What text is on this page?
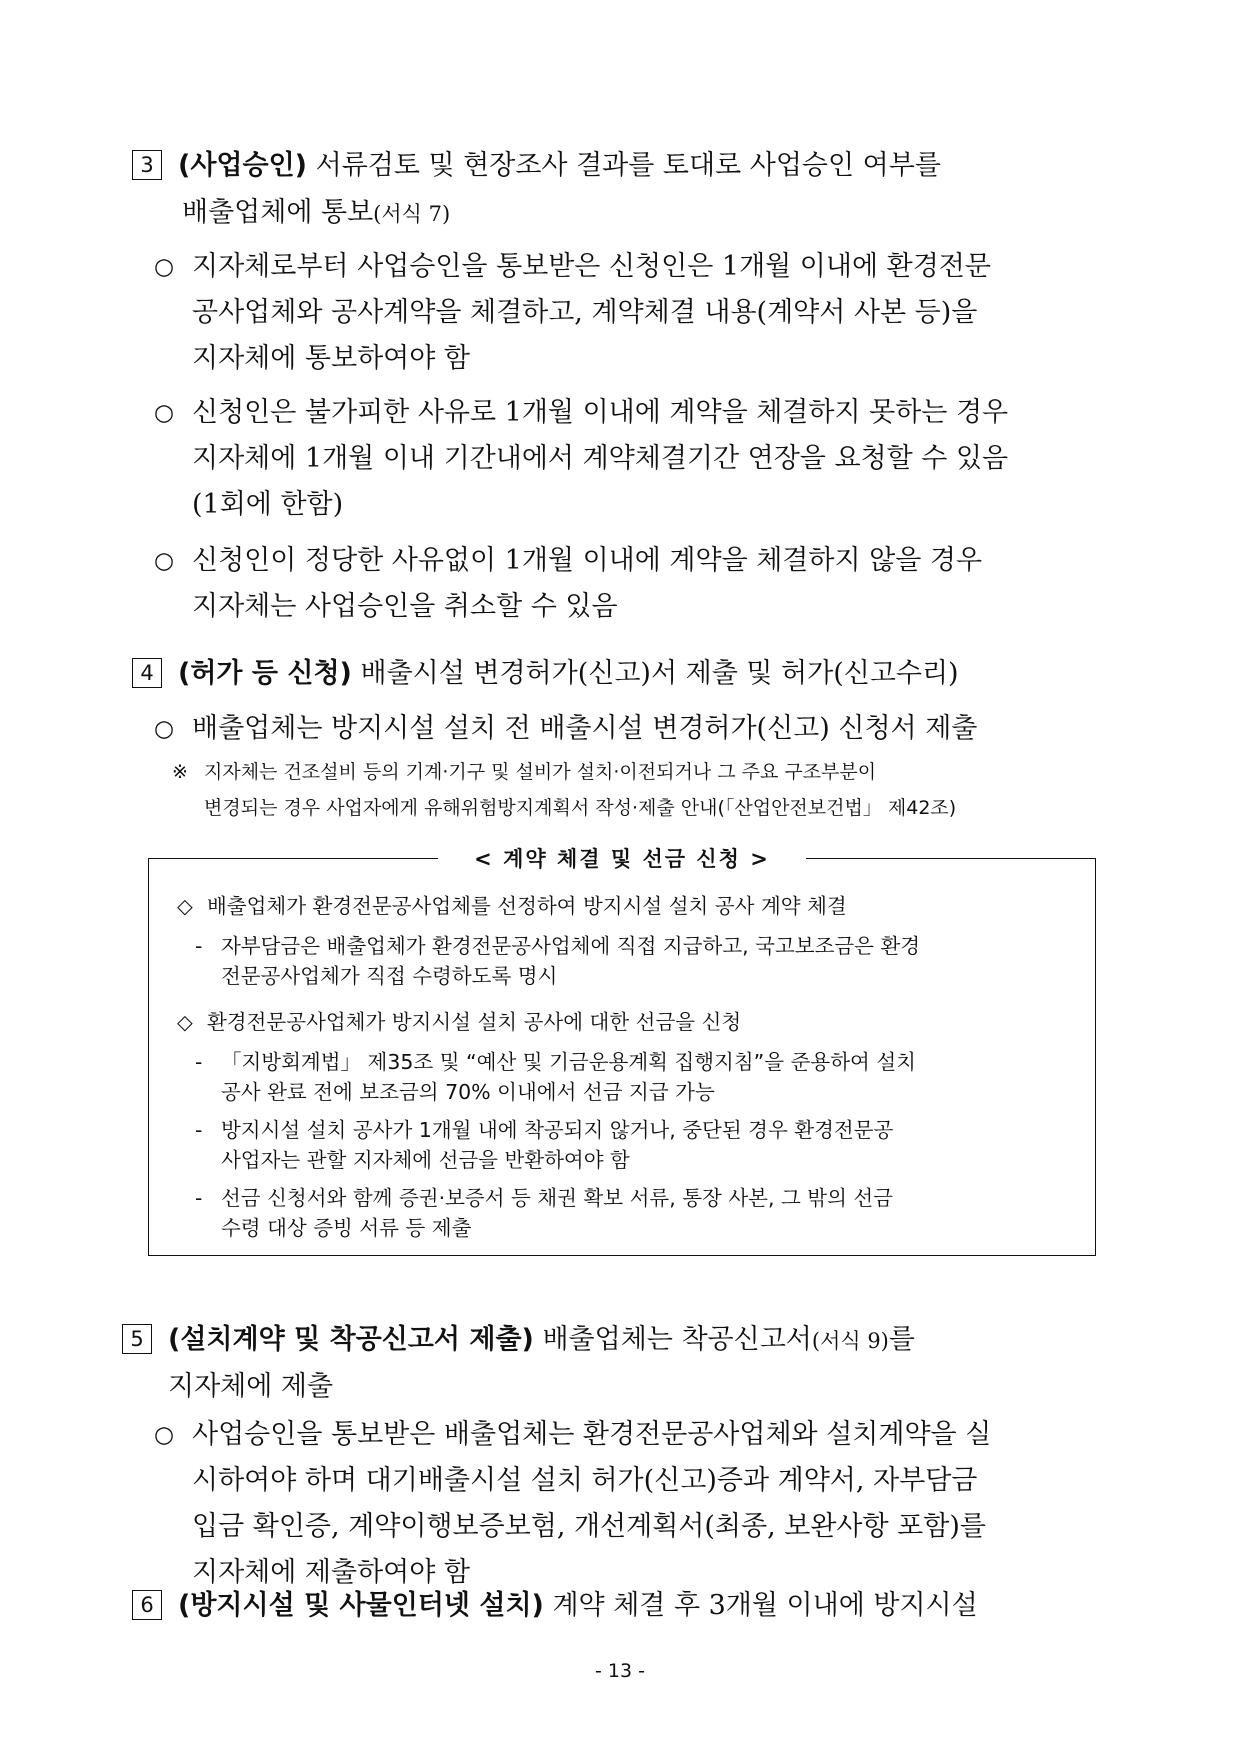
3 (사업승인) 서류검토 및 현장조사 결과를 토대로 사업승인 여부를
배출업체에 통보(서식 7)
○ 지자체로부터 사업승인을 통보받은 신청인은 1개월 이내에 환경전문
공사업체와 공사계약을 체결하고, 계약체결 내용(계약서 사본 등)을
지자체에 통보하여야 함
○ 신청인은 불가피한 사유로 1개월 이내에 계약을 체결하지 못하는 경우
지자체에 1개월 이내 기간내에서 계약체결기간 연장을 요청할 수 있음
(1회에 한함)
○ 신청인이 정당한 사유없이 1개월 이내에 계약을 체결하지 않을 경우
지자체는 사업승인을 취소할 수 있음
4 (허가 등 신청) 배출시설 변경허가(신고)서 제출 및 허가(신고수리)
○ 배출업체는 방지시설 설치 전 배출시설 변경허가(신고) 신청서 제출
※ 지자체는 건조설비 등의 기계·기구 및 설비가 설치·이전되거나 그 주요 구조부분이
변경되는 경우 사업자에게 유해위험방지계획서 작성·제출 안내(「산업안전보건법」 제42조)
< 계약 체결 및 선금 신청 >
◇ 배출업체가 환경전문공사업체를 선정하여 방지시설 설치 공사 계약 체결
- 자부담금은 배출업체가 환경전문공사업체에 직접 지급하고, 국고보조금은 환경
전문공사업체가 직접 수령하도록 명시
◇ 환경전문공사업체가 방지시설 설치 공사에 대한 선금을 신청
- 「지방회계법」 제35조 및 “예산 및 기금운용계획 집행지침”을 준용하여 설치
공사 완료 전에 보조금의 70% 이내에서 선금 지급 가능
- 방지시설 설치 공사가 1개월 내에 착공되지 않거나, 중단된 경우 환경전문공
사업자는 관할 지자체에 선금을 반환하여야 함
- 선금 신청서와 함께 증권·보증서 등 채권 확보 서류, 통장 사본, 그 밖의 선금
수령 대상 증빙 서류 등 제출
5 (설치계약 및 착공신고서 제출) 배출업체는 착공신고서(서식 9)를
지자체에 제출
○ 사업승인을 통보받은 배출업체는 환경전문공사업체와 설치계약을 실
시하여야 하며 대기배출시설 설치 허가(신고)증과 계약서, 자부담금
입금 확인증, 계약이행보증보험, 개선계획서(최종, 보완사항 포함)를
지자체에 제출하여야 함
6 (방지시설 및 사물인터넷 설치) 계약 체결 후 3개월 이내에 방지시설
- 13 -
